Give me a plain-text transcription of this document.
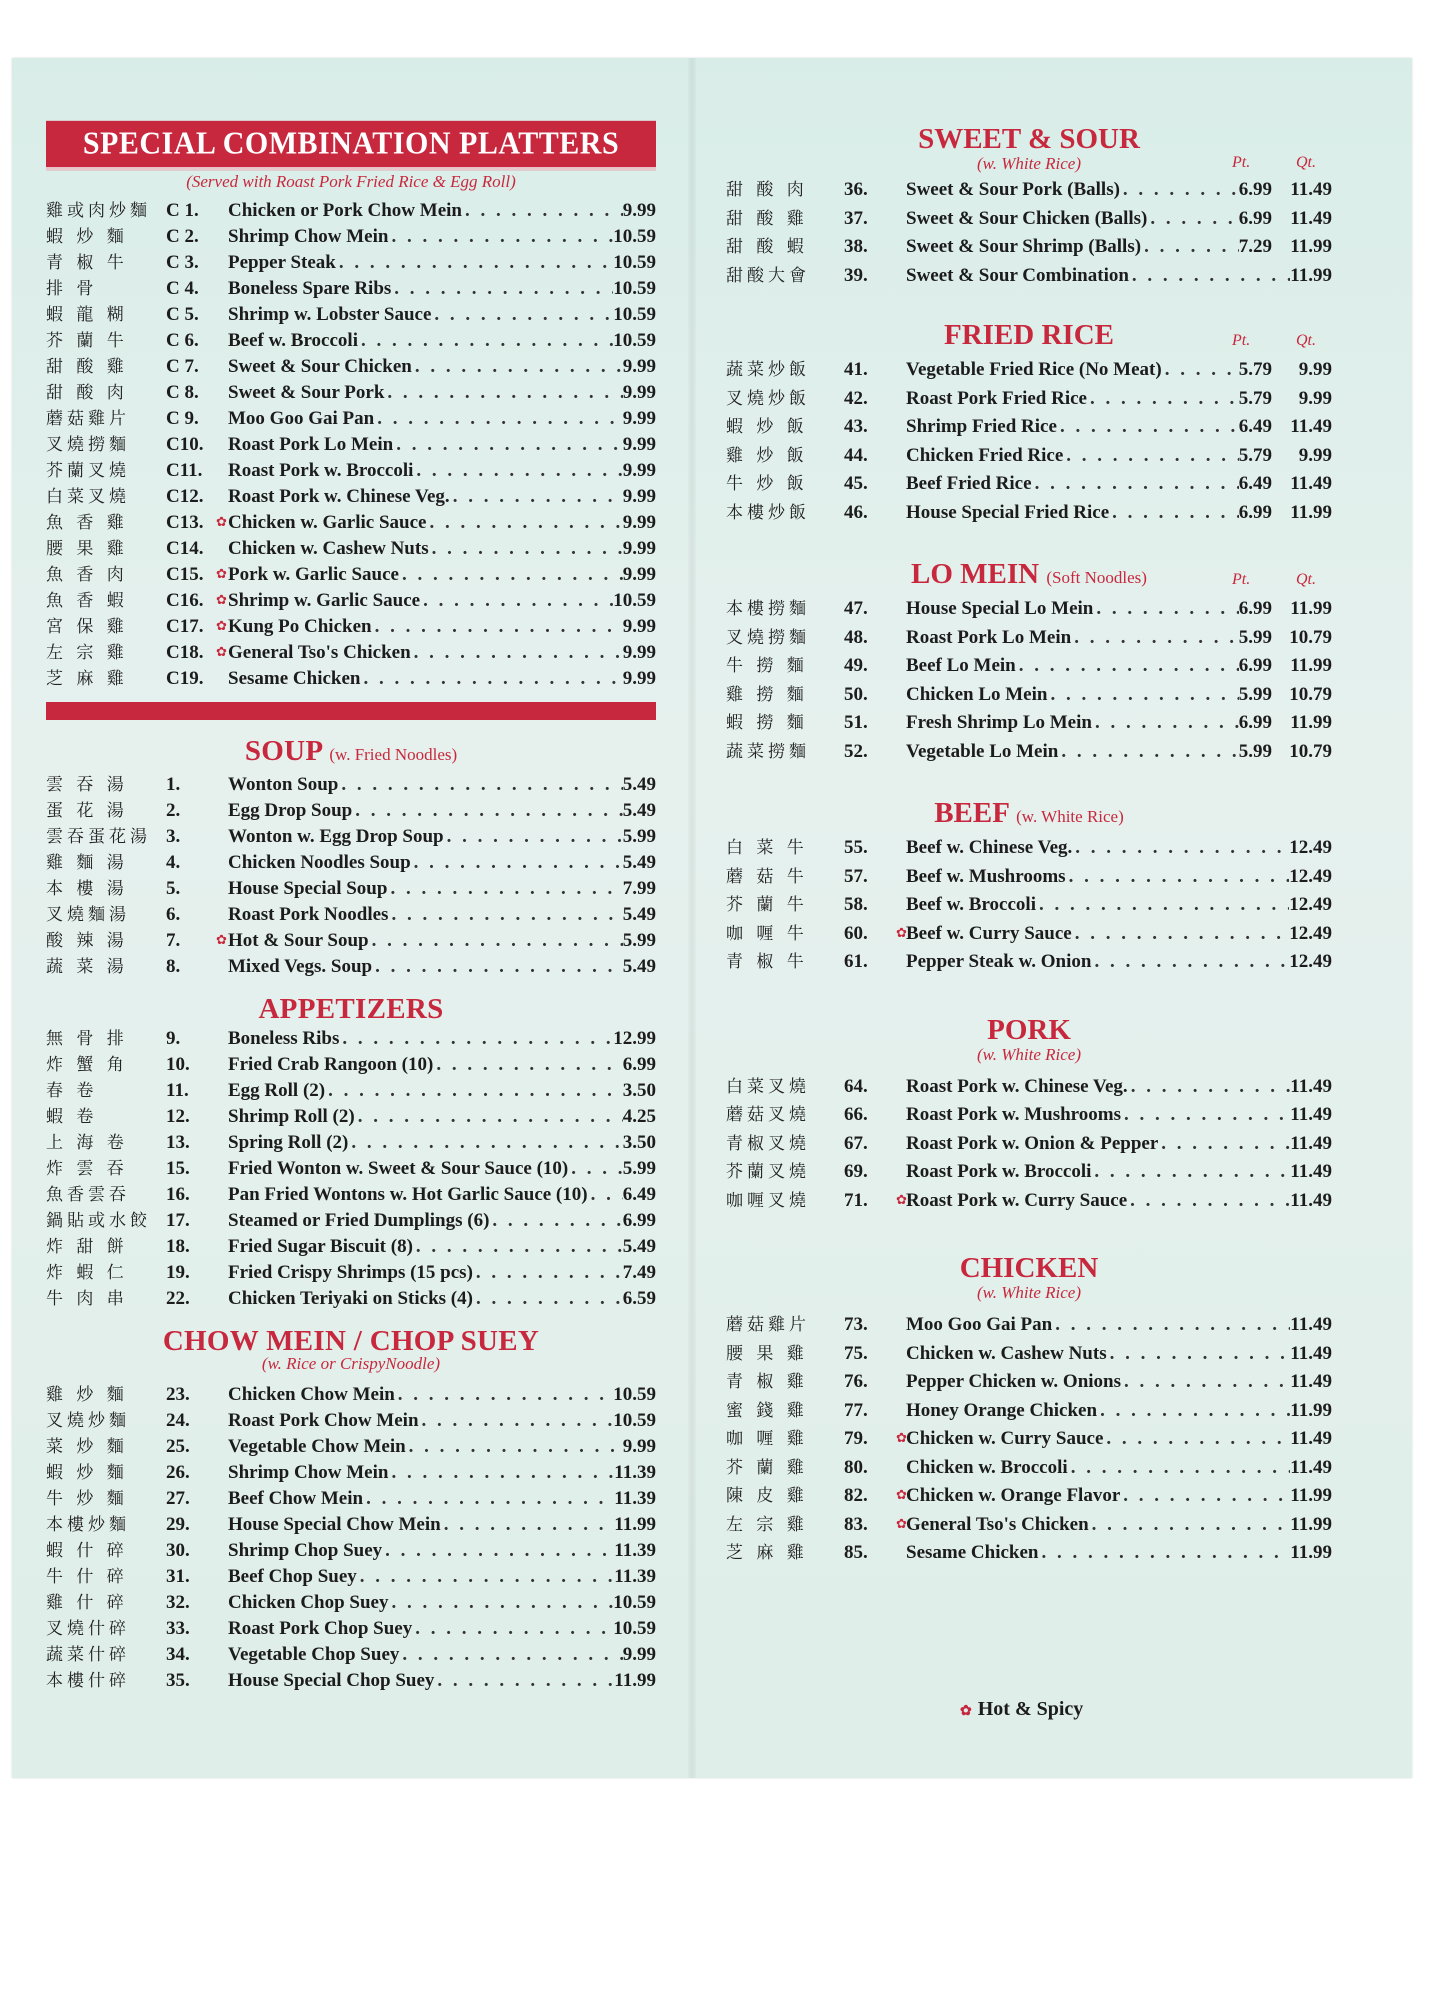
SPECIAL COMBINATION PLATTERS
(Served with Roast Pork Fried Rice & Egg Roll)
雞或肉炒麵 C 1.	Chicken or Pork Chow Mein . . .	9.99
蝦 炒 麵	C 2.	Shrimp Chow Mein . . .	10.59
青 椒 牛	C 3.	Pepper Steak . . .	10.59
排 骨	C 4.	Boneless Spare Ribs . . .	10.59
蝦 龍 糊	C 5.	Shrimp w. Lobster Sauce . . .	10.59
芥 蘭 牛	C 6.	Beef w. Broccoli . . .	10.59
甜 酸 雞	C 7.	Sweet & Sour Chicken . . .	9.99
甜 酸 肉	C 8.	Sweet & Sour Pork . . .	9.99
蘑菇雞片	C 9.	Moo Goo Gai Pan . . .	9.99
叉燒撈麵	C10.	Roast Pork Lo Mein . . .	9.99
芥蘭叉燒	C11.	Roast Pork w. Broccoli . . .	9.99
白菜叉燒	C12.	Roast Pork w. Chinese Veg. . . .	9.99
魚 香 雞	C13. ✿ Chicken w. Garlic Sauce . . .	9.99
腰 果 雞	C14.	Chicken w. Cashew Nuts . . .	9.99
魚 香 肉	C15. ✿ Pork w. Garlic Sauce . . .	9.99
魚 香 蝦	C16. ✿ Shrimp w. Garlic Sauce . . .	10.59
宮 保 雞	C17. ✿ Kung Po Chicken . . .	9.99
左 宗 雞	C18. ✿ General Tso's Chicken . . .	9.99
芝 麻 雞	C19.	Sesame Chicken . . .	9.99
SOUP (w. Fried Noodles)
雲 吞 湯	1.	Wonton Soup . . .	5.49
蛋 花 湯	2.	Egg Drop Soup . . .	5.49
雲吞蛋花湯 3.	Wonton w. Egg Drop Soup . . .	5.99
雞 麵 湯	4.	Chicken Noodles Soup . . .	5.49
本 樓 湯	5.	House Special Soup . . .	7.99
叉燒麵湯	6.	Roast Pork Noodles . . .	5.49
酸 辣 湯	7.	✿ Hot & Sour Soup . . .	5.99
蔬 菜 湯	8.	Mixed Vegs. Soup . . .	5.49
APPETIZERS
無 骨 排	9.	Boneless Ribs . . .	12.99
炸 蟹 角	10.	Fried Crab Rangoon (10) . . .	6.99
春 卷	11.	Egg Roll (2) . . .	3.50
蝦 卷	12.	Shrimp Roll (2) . . .	4.25
上 海 卷	13.	Spring Roll (2) . . .	3.50
炸 雲 吞	15.	Fried Wonton w. Sweet & Sour Sauce (10) . . .	5.99
魚香雲吞	16.	Pan Fried Wontons w. Hot Garlic Sauce (10) . . . 6.49
鍋貼或水餃 17.	Steamed or Fried Dumplings (6) . . .	6.99
炸 甜 餅	18.	Fried Sugar Biscuit (8) . . .	5.49
炸 蝦 仁	19.	Fried Crispy Shrimps (15 pcs) . . .	7.49
牛 肉 串	22.	Chicken Teriyaki on Sticks (4) . . .	6.59
CHOW MEIN / CHOP SUEY
(w. Rice or CrispyNoodle)
雞 炒 麵	23.	Chicken Chow Mein . . .	10.59
叉燒炒麵	24.	Roast Pork Chow Mein . . .	10.59
菜 炒 麵	25.	Vegetable Chow Mein . . .	9.99
蝦 炒 麵	26.	Shrimp Chow Mein . . .	11.39
牛 炒 麵	27.	Beef Chow Mein . . .	11.39
本樓炒麵	29.	House Special Chow Mein . . .	11.99
蝦 什 碎	30.	Shrimp Chop Suey . . .	11.39
牛 什 碎	31.	Beef Chop Suey . . .	11.39
雞 什 碎	32.	Chicken Chop Suey . . .	10.59
叉燒什碎	33.	Roast Pork Chop Suey . . .	10.59
蔬菜什碎	34.	Vegetable Chop Suey . . .	9.99
本樓什碎	35.	House Special Chop Suey . . .	11.99
SWEET & SOUR
(w. White Rice)	Pt.	Qt.
甜 酸 肉	36.	Sweet & Sour Pork (Balls) . . .	6.99 11.49
甜 酸 雞	37.	Sweet & Sour Chicken (Balls) . . .	6.99 11.49
甜 酸 蝦	38.	Sweet & Sour Shrimp (Balls) . . .	7.29 11.99
甜酸大會	39.	Sweet & Sour Combination . . .	11.99
FRIED RICE	Pt.	Qt.
蔬菜炒飯	41.	Vegetable Fried Rice (No Meat) . . .	5.79	9.99
叉燒炒飯	42.	Roast Pork Fried Rice . . .	5.79	9.99
蝦 炒 飯	43.	Shrimp Fried Rice . . .	6.49 11.49
雞 炒 飯	44.	Chicken Fried Rice . . .	5.79	9.99
牛 炒 飯	45.	Beef Fried Rice . . .	6.49 11.49
本樓炒飯	46.	House Special Fried Rice . . .	6.99 11.99
LO MEIN (Soft Noodles)	Pt.	Qt.
本樓撈麵	47.	House Special Lo Mein . . .	6.99 11.99
叉燒撈麵	48.	Roast Pork Lo Mein . . .	5.99 10.79
牛 撈 麵	49.	Beef Lo Mein . . .	6.99 11.99
雞 撈 麵	50.	Chicken Lo Mein . . .	5.99 10.79
蝦 撈 麵	51.	Fresh Shrimp Lo Mein . . .	6.99 11.99
蔬菜撈麵	52.	Vegetable Lo Mein . . .	5.99 10.79
BEEF (w. White Rice)
白 菜 牛	55.	Beef w. Chinese Veg. . . .	12.49
蘑 菇 牛	57.	Beef w. Mushrooms . . .	12.49
芥 蘭 牛	58.	Beef w. Broccoli . . .	12.49
咖 喱 牛	60.	✿ Beef w. Curry Sauce . . .	12.49
青 椒 牛	61.	Pepper Steak w. Onion . . .	12.49
PORK
(w. White Rice)
白菜叉燒	64.	Roast Pork w. Chinese Veg. . . .	11.49
蘑菇叉燒	66.	Roast Pork w. Mushrooms . . .	11.49
青椒叉燒	67.	Roast Pork w. Onion & Pepper . . .	11.49
芥蘭叉燒	69.	Roast Pork w. Broccoli . . .	11.49
咖喱叉燒	71.	✿ Roast Pork w. Curry Sauce . . .	11.49
CHICKEN
(w. White Rice)
蘑菇雞片	73.	Moo Goo Gai Pan . . .	11.49
腰 果 雞	75.	Chicken w. Cashew Nuts . . .	11.49
青 椒 雞	76.	Pepper Chicken w. Onions . . .	11.49
蜜 錢 雞	77.	Honey Orange Chicken . . .	11.99
咖 喱 雞	79.	✿ Chicken w. Curry Sauce . . .	11.49
芥 蘭 雞	80.	Chicken w. Broccoli . . .	11.49
陳 皮 雞	82.	✿ Chicken w. Orange Flavor . . .	11.99
左 宗 雞	83.	✿ General Tso's Chicken . . .	11.99
芝 麻 雞	85.	Sesame Chicken . . .	11.99
✿ Hot & Spicy
